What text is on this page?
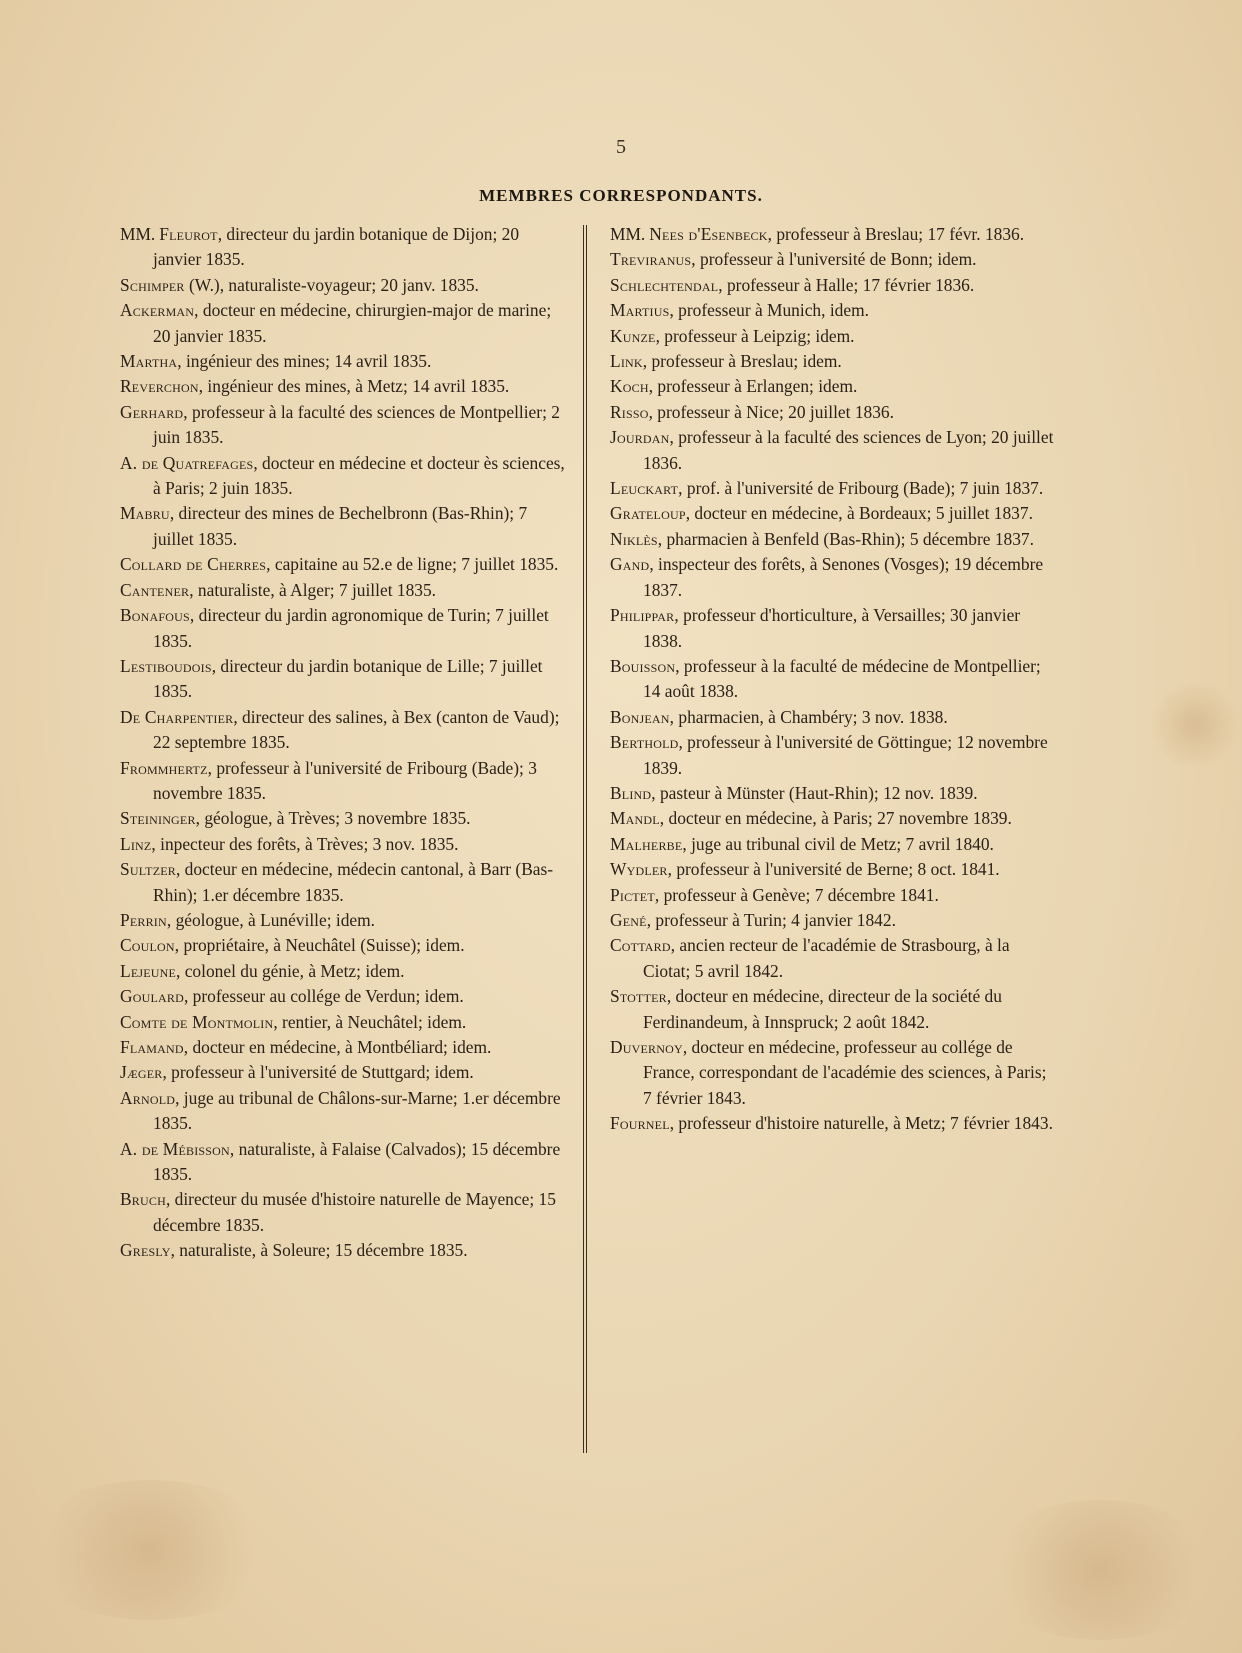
5
MEMBRES CORRESPONDANTS.

MM. Fleurot, directeur du jardin botanique de Dijon; 20 janvier 1835.

Schimper (W.), naturaliste-voyageur; 20 janv. 1835.

Ackerman, docteur en médecine, chirurgien-major de marine; 20 janvier 1835.

Martha, ingénieur des mines; 14 avril 1835.

Reverchon, ingénieur des mines, à Metz; 14 avril 1835.

Gerhard, professeur à la faculté des sciences de Montpellier; 2 juin 1835.

A. de Quatrefages, docteur en médecine et docteur ès sciences, à Paris; 2 juin 1835.

Mabru, directeur des mines de Bechelbronn (Bas-Rhin); 7 juillet 1835.

Collard de Cherres, capitaine au 52.e de ligne; 7 juillet 1835.

Cantener, naturaliste, à Alger; 7 juillet 1835.

Bonafous, directeur du jardin agronomique de Turin; 7 juillet 1835.

Lestiboudois, directeur du jardin botanique de Lille; 7 juillet 1835.

De Charpentier, directeur des salines, à Bex (canton de Vaud); 22 septembre 1835.

Frommhertz, professeur à l'université de Fribourg (Bade); 3 novembre 1835.

Steininger, géologue, à Trèves; 3 novembre 1835.

Linz, inpecteur des forêts, à Trèves; 3 nov. 1835.

Sultzer, docteur en médecine, médecin cantonal, à Barr (Bas-Rhin); 1.er décembre 1835.

Perrin, géologue, à Lunéville; idem.

Coulon, propriétaire, à Neuchâtel (Suisse); idem.

Lejeune, colonel du génie, à Metz; idem.

Goulard, professeur au collége de Verdun; idem.

Comte de Montmolin, rentier, à Neuchâtel; idem.

Flamand, docteur en médecine, à Montbéliard; idem.

Jæger, professeur à l'université de Stuttgard; idem.

Arnold, juge au tribunal de Châlons-sur-Marne; 1.er décembre 1835.

A. de Mébisson, naturaliste, à Falaise (Calvados); 15 décembre 1835.

Bruch, directeur du musée d'histoire naturelle de Mayence; 15 décembre 1835.

Gresly, naturaliste, à Soleure; 15 décembre 1835.

MM. Nees d'Esenbeck, professeur à Breslau; 17 févr. 1836.

Treviranus, professeur à l'université de Bonn; idem.

Schlechtendal, professeur à Halle; 17 février 1836.

Martius, professeur à Munich, idem.

Kunze, professeur à Leipzig; idem.

Link, professeur à Breslau; idem.

Koch, professeur à Erlangen; idem.

Risso, professeur à Nice; 20 juillet 1836.

Jourdan, professeur à la faculté des sciences de Lyon; 20 juillet 1836.

Leuckart, prof. à l'université de Fribourg (Bade); 7 juin 1837.

Grateloup, docteur en médecine, à Bordeaux; 5 juillet 1837.

Niklès, pharmacien à Benfeld (Bas-Rhin); 5 décembre 1837.

Gand, inspecteur des forêts, à Senones (Vosges); 19 décembre 1837.

Philippar, professeur d'horticulture, à Versailles; 30 janvier 1838.

Bouisson, professeur à la faculté de médecine de Montpellier; 14 août 1838.

Bonjean, pharmacien, à Chambéry; 3 nov. 1838.

Berthold, professeur à l'université de Göttingue; 12 novembre 1839.

Blind, pasteur à Münster (Haut-Rhin); 12 nov. 1839.

Mandl, docteur en médecine, à Paris; 27 novembre 1839.

Malherbe, juge au tribunal civil de Metz; 7 avril 1840.

Wydler, professeur à l'université de Berne; 8 oct. 1841.

Pictet, professeur à Genève; 7 décembre 1841.

Gené, professeur à Turin; 4 janvier 1842.

Cottard, ancien recteur de l'académie de Strasbourg, à la Ciotat; 5 avril 1842.

Stotter, docteur en médecine, directeur de la société du Ferdinandeum, à Innspruck; 2 août 1842.

Duvernoy, docteur en médecine, professeur au collége de France, correspondant de l'académie des sciences, à Paris; 7 février 1843.

Fournel, professeur d'histoire naturelle, à Metz; 7 février 1843.
